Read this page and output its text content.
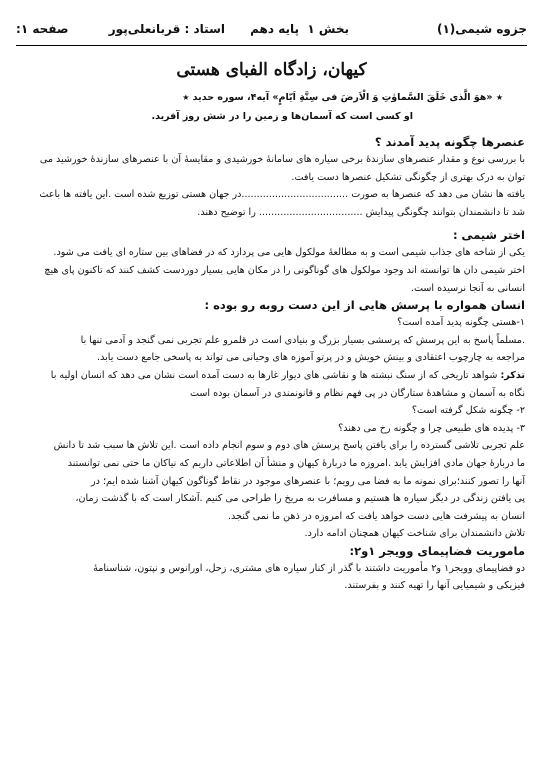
جزوه شیمی(۱)
بخش ۱
پایه دهم
استاد : قربانعلی‌پور
صفحه ۱:
کیهان، زادگاه الفبای هستی
★ «هوَ الَّذی خَلَقَ السَّماوٰتِ وَ الْاَرضَ فی سِتَّةِ اَیّامٍ» آیه۴، سوره حدید ★
او کسی است که آسمان‌ها و زمین را در شش روز آفرید.

عنصرها چگونه پدید آمدند ؟

با بررسی نوع و مقدار عنصرهای سازندهٔ برخی سیاره های سامانهٔ خورشیدی و مقایسهٔ آن با عنصرهای سازندهٔ خورشید می

توان به درک بهتری از چگونگی تشکیل عنصرها دست یافت.

یافته ها نشان می دهد که عنصرها به صورت ...................................در جهان هستی توزیع شده است .این یافته ها باعث

شد تا دانشمندان بتوانند چگونگی پیدایش .................................. را توضیح دهند.

اختر شیمی :

یکی از شاخه های جذاب شیمی است و به مطالعهٔ مولکول هایی می پردازد که در فضاهای بین ستاره ای یافت می شود.

اختر شیمی دان ها توانسته اند وجود مولکول های گوناگونی را در مکان هایی بسیار دوردست کشف کنند که تاکنون پای هیچ

انسانی به آنجا نرسیده است.

انسان همواره با پرسش هایی از این دست روبه رو بوده :

۱-هستی چگونه پدید آمده است؟

.مسلماً پاسخ به این پرسش که پرسشی بسیار بزرگ و بنیادی است در قلمرو علم تجربی نمی گنجد و آدمی تنها با

مراجعه به چارچوب اعتقادی و بینش خویش و در پرتو آموزه های وحیانی می تواند به پاسخی جامع دست یابد.

تذکر: شواهد تاریخی که از سنگ نبشته ها و نقاشی های دیوار غارها به دست آمده است نشان می دهد که انسان اولیه با

نگاه به آسمان و مشاهدهٔ ستارگان در پی فهم نظام و قانونمندی در آسمان بوده است

۲- چگونه شکل گرفته است؟

۳- پدیده های طبیعی چرا و چگونه رخ می دهند؟

علم تجربی تلاشی گسترده را برای یافتن پاسخ پرسش های دوم و سوم انجام داده است .این تلاش ها سبب شد تا دانش

ما دربارهٔ جهان مادی افزایش یابد .امروزه ما دربارهٔ کیهان و منشأ آن اطلاعاتی داریم که نیاکان ما حتی نمی توانستند

آنها را تصور کنند؛برای نمونه ما به فضا می رویم؛ با عنصرهای موجود در نقاط گوناگون کیهان آشنا شده ایم؛ در

پی یافتن زندگی در دیگر سیاره ها هستیم و مسافرت به مریخ را طراحی می کنیم .آشکار است که با گذشت زمان،

انسان به پیشرفت هایی دست خواهد یافت که امروزه در ذهن ما نمی گنجد.

تلاش دانشمندان برای شناخت کیهان همچنان ادامه دارد.

ماموریت فضاپیمای وویجر ۱و۲:

دو فضاپیمای وویجر۱ و۲ مأموریت داشتند با گذر از کنار سیاره های مشتری، زحل، اورانوس و نپتون، شناسنامهٔ

فیزیکی و شیمیایی آنها را تهیه کنند و بفرستند.
